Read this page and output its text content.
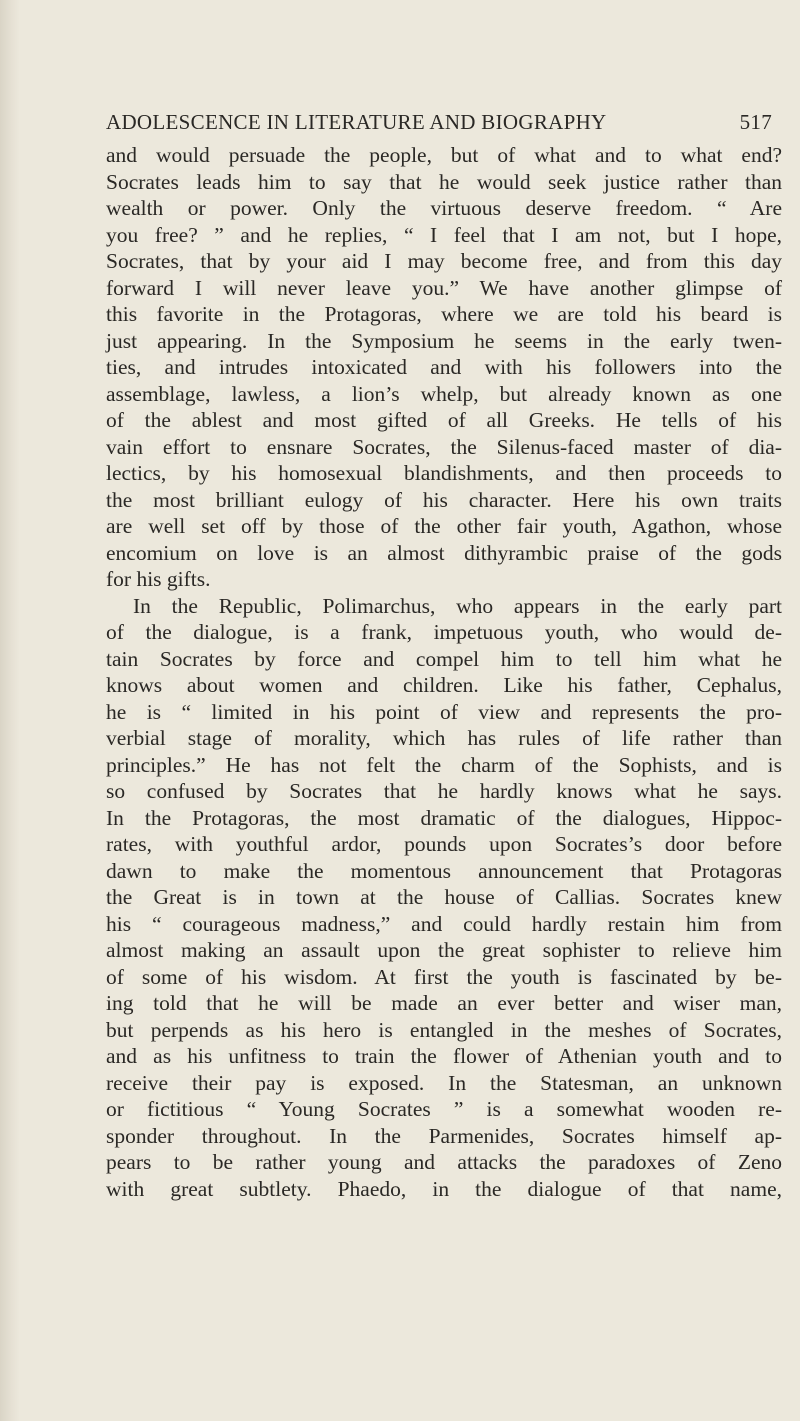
ADOLESCENCE IN LITERATURE AND BIOGRAPHY	517
and would persuade the people, but of what and to what end?
Socrates leads him to say that he would seek justice rather than
wealth or power. Only the virtuous deserve freedom. “ Are
you free? ” and he replies, “ I feel that I am not, but I hope,
Socrates, that by your aid I may become free, and from this day
forward I will never leave you.” We have another glimpse of
this favorite in the Protagoras, where we are told his beard is
just appearing. In the Symposium he seems in the early twen-
ties, and intrudes intoxicated and with his followers into the
assemblage, lawless, a lion’s whelp, but already known as one
of the ablest and most gifted of all Greeks. He tells of his
vain effort to ensnare Socrates, the Silenus-faced master of dia-
lectics, by his homosexual blandishments, and then proceeds to
the most brilliant eulogy of his character. Here his own traits
are well set off by those of the other fair youth, Agathon, whose
encomium on love is an almost dithyrambic praise of the gods
for his gifts.
In the Republic, Polimarchus, who appears in the early part
of the dialogue, is a frank, impetuous youth, who would de-
tain Socrates by force and compel him to tell him what he
knows about women and children. Like his father, Cephalus,
he is “ limited in his point of view and represents the pro-
verbial stage of morality, which has rules of life rather than
principles.” He has not felt the charm of the Sophists, and is
so confused by Socrates that he hardly knows what he says.
In the Protagoras, the most dramatic of the dialogues, Hippoc-
rates, with youthful ardor, pounds upon Socrates’s door before
dawn to make the momentous announcement that Protagoras
the Great is in town at the house of Callias. Socrates knew
his “ courageous madness,” and could hardly restain him from
almost making an assault upon the great sophister to relieve him
of some of his wisdom. At first the youth is fascinated by be-
ing told that he will be made an ever better and wiser man,
but perpends as his hero is entangled in the meshes of Socrates,
and as his unfitness to train the flower of Athenian youth and to
receive their pay is exposed. In the Statesman, an unknown
or fictitious “ Young Socrates ” is a somewhat wooden re-
sponder throughout. In the Parmenides, Socrates himself ap-
pears to be rather young and attacks the paradoxes of Zeno
with great subtlety. Phaedo, in the dialogue of that name,
